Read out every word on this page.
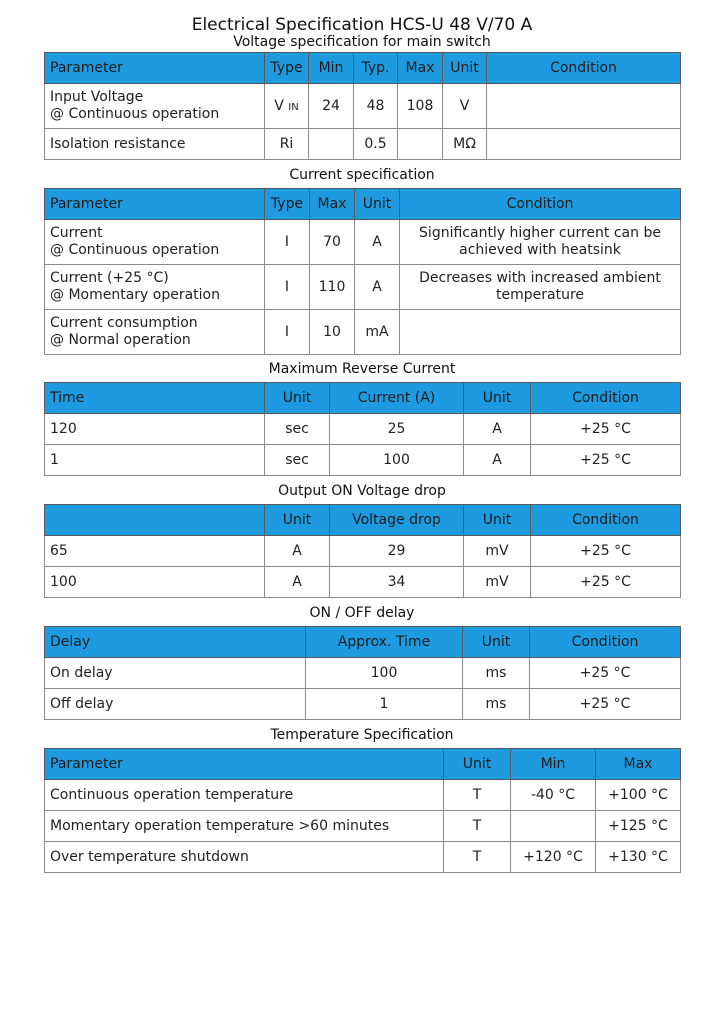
Electrical Specification HCS-U 48 V/70 A
Voltage specification for main switch
Parameter	Type	Min	Typ.	Max	Unit	Condition

Input Voltage
@ Continuous operation	V IN	24	48	108	V	
Isolation resistance	Ri		0.5		MΩ	
Current specification
Parameter	Type	Max	Unit	Condition

Current
@ Continuous operation	I	70	A	Significantly higher current can be
achieved with heatsink

Current (+25 °C)
@ Momentary operation	I	110	A	Decreases with increased ambient
temperature

Current consumption
@ Normal operation	I	10	mA	
Maximum Reverse Current
Time	Unit	Current (A)	Unit	Condition
120	sec	25	A	+25 °C
1	sec	100	A	+25 °C
Output ON Voltage drop
	Unit	Voltage drop	Unit	Condition
65	A	29	mV	+25 °C
100	A	34	mV	+25 °C
ON / OFF delay
Delay	Approx. Time	Unit	Condition
On delay	100	ms	+25 °C
Off delay	1	ms	+25 °C
Temperature Specification
Parameter	Unit	Min	Max
Continuous operation temperature	T	-40 °C	+100 °C
Momentary operation temperature >60 minutes	T		+125 °C
Over temperature shutdown	T	+120 °C	+130 °C
